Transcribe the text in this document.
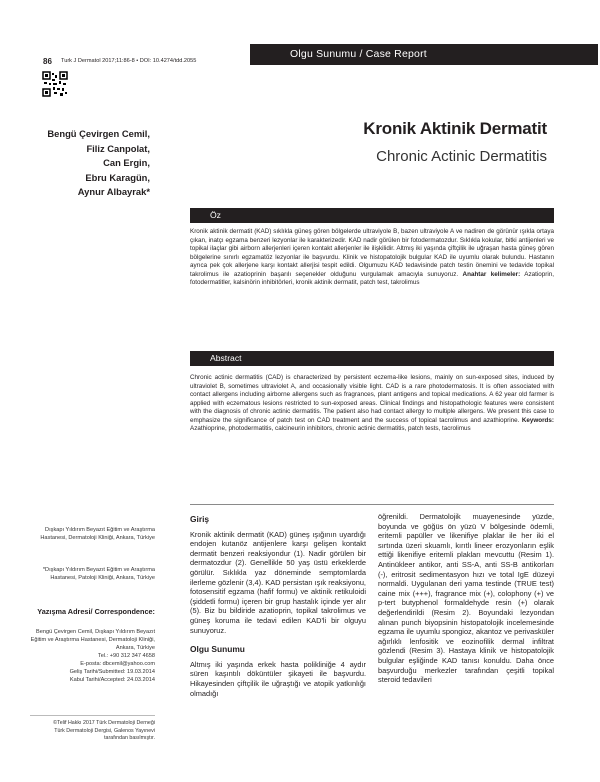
86 Turk J Dermatol 2017;11:86-8 • DOI: 10.4274/tdd.2055
Olgu Sunumu / Case Report
Bengü Çevirgen Cemil,
Filiz Canpolat,
Can Ergin,
Ebru Karagün,
Aynur Albayrak*
Kronik Aktinik Dermatit
Chronic Actinic Dermatitis
Öz

Kronik aktinik dermatit (KAD) sıklıkla güneş gören bölgelerde ultraviyole B, bazen ultraviyole A ve nadiren de görünür ışıkla ortaya çıkan, inatçı egzama benzeri lezyonlar ile karakterizedir. KAD nadir görülen bir fotodermatozdur. Sıklıkla kokular, bitki antijenleri ve topikal ilaçlar gibi airborn allerjenleri içeren kontakt allerjenler ile ilişkilidir. Altmış iki yaşında çiftçilik ile uğraşan hasta güneş gören bölgelerine sınırlı egzamatöz lezyonlar ile başvurdu. Klinik ve histopatolojik bulgular KAD ile uyumlu olarak bulundu. Hastanın ayrıca pek çok allerjene karşı kontakt allerjisi tespit edildi. Olgumuzu KAD tedavisinde patch testin önemini ve tedavide topikal takrolimus ile azatioprinin başarılı seçenekler olduğunu vurgulamak amacıyla sunuyoruz. Anahtar kelimeler: Azatioprin, fotodermatitler, kalsinörin inhibitörleri, kronik aktinik dermatit, patch test, takrolimus

Abstract

Chronic actinic dermatitis (CAD) is characterized by persistent eczema-like lesions, mainly on sun-exposed sites, induced by ultraviolet B, sometimes ultraviolet A, and occasionally visible light. CAD is a rare photodermatosis. It is often associated with contact allergens including airborne allergens such as fragrances, plant antigens and topical medications. A 62 year old farmer is applied with eczematous lesions restricted to sun-exposed areas. Clinical findings and histopathologic features were consistent with the diagnosis of chronic actinic dermatitis. The patient also had contact allergy to multiple allergens. We present this case to emphasize the significance of patch test on CAD treatment and the success of topical tacrolimus and azathioprine. Keywords: Azathioprine, photodermatitis, calcineurin inhibitors, chronic actinic dermatitis, patch tests, tacrolimus

Dışkapı Yıldırım Beyazıt Eğitim ve Araştırma Hastanesi, Dermatoloji Kliniği, Ankara, Türkiye
*Dışkapı Yıldırım Beyazıt Eğitim ve Araştırma Hastanesi, Patoloji Kliniği, Ankara, Türkiye
Yazışma Adresi/ Correspondence:
Bengü Çevirgen Cemil, Dışkapı Yıldırım Beyazıt Eğitim ve Araştırma Hastanesi, Dermatoloji Kliniği, Ankara, Türkiye
Tel.: +90 312 347 4658
E-posta: dbcemil@yahoo.com
Geliş Tarihi/Submitted: 19.03.2014
Kabul Tarihi/Accepted: 24.03.2014
©Telif Hakkı 2017 Türk Dermatoloji Derneği
Türk Dermatoloji Dergisi, Galenos Yayınevi tarafından basılmıştır.
Giriş
Kronik aktinik dermatit (KAD) güneş ışığının uyardığı endojen kutanöz antijenlere karşı gelişen kontakt dermatit benzeri reaksiyondur (1). Nadir görülen bir dermatozdur (2). Genellikle 50 yaş üstü erkeklerde görülür. Sıklıkla yaz döneminde semptomlarda ilerleme gözlenir (3,4). KAD persistan ışık reaksiyonu, fotosensitif egzama (hafif formu) ve aktinik retikuloidi (şiddetli formu) içeren bir grup hastalık içinde yer alır (5). Biz bu bildiride azatioprin, topikal takrolimus ve güneş koruma ile tedavi edilen KAD'li bir olguyu sunuyoruz.
Olgu Sunumu
Altmış iki yaşında erkek hasta polikliniğe 4 aydır süren kaşıntılı döküntüler şikayeti ile başvurdu. Hikayesinden çiftçilik ile uğraştığı ve atopik yatkınlığı olmadığı
öğrenildi. Dermatolojik muayenesinde yüzde, boyunda ve göğüs ön yüzü V bölgesinde ödemli, eritemli papüller ve likenifiye plaklar ile her iki el sırtında üzeri skuamlı, kırıtlı lineer erozyonların eşlik ettiği likenifiye eritemli plakları mevcuttu (Resim 1). Antinükleer antikor, anti SS-A, anti SS-B antikorları (-), eritrosit sedimentasyon hızı ve total IgE düzeyi normaldi. Uygulanan deri yama testinde (TRUE test) caine mix (+++), fragrance mix (+), colophony (+) ve p-tert butyphenol formaldehyde resin (+) olarak değerlendirildi (Resim 2). Boyundaki lezyondan alınan punch biyopsinin histopatolojik incelemesinde egzama ile uyumlu spongioz, akantoz ve perivasküler ağırlıklı lenfositik ve eozinofilik dermal infiltrat gözlendi (Resim 3). Hastaya klinik ve histopatolojik bulgular eşliğinde KAD tanısı konuldu. Daha önce başvurduğu merkezler tarafından çeşitli topikal steroid tedavileri
